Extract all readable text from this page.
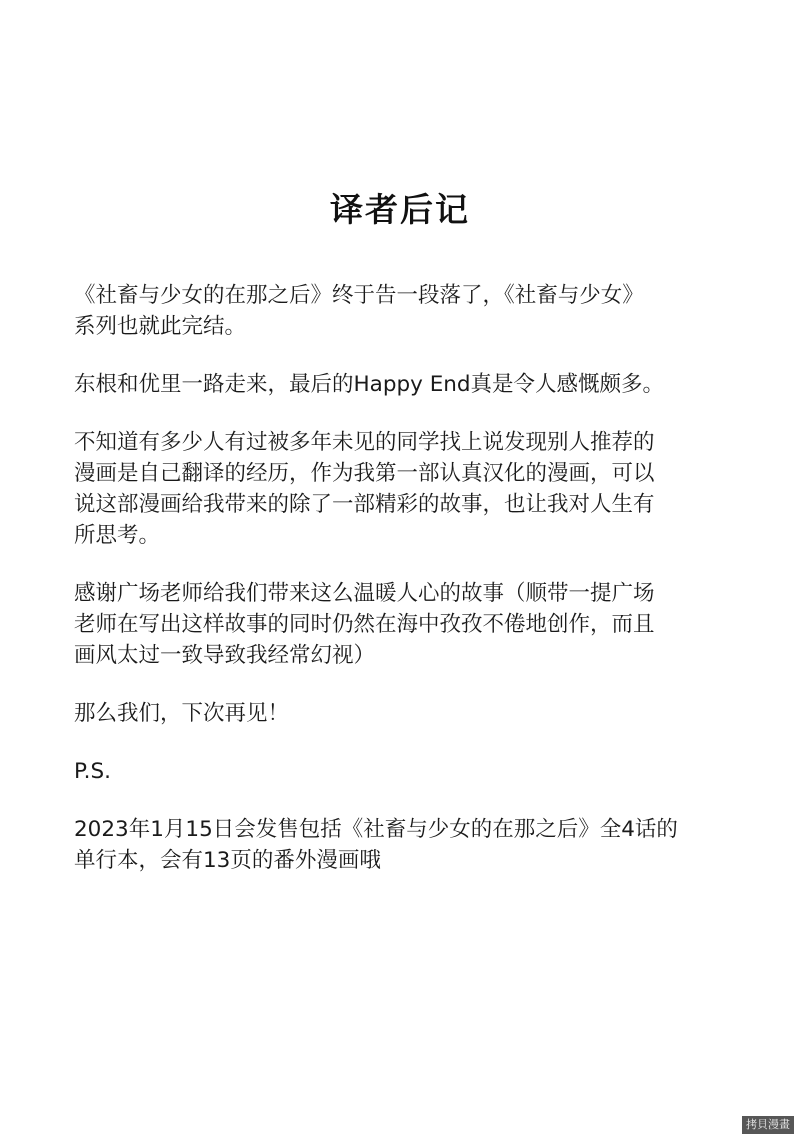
译者后记

《社畜与少女的在那之后》终于告一段落了，《社畜与少女》
系列也就此完结。

东根和优里一路走来，最后的Happy End真是令人感慨颇多。

不知道有多少人有过被多年未见的同学找上说发现别人推荐的
漫画是自己翻译的经历，作为我第一部认真汉化的漫画，可以
说这部漫画给我带来的除了一部精彩的故事，也让我对人生有
所思考。

感谢广场老师给我们带来这么温暖人心的故事（顺带一提广场
老师在写出这样故事的同时仍然在海中孜孜不倦地创作，而且
画风太过一致导致我经常幻视）

那么我们，下次再见！

P.S.

2023年1月15日会发售包括《社畜与少女的在那之后》全4话的
单行本，会有13页的番外漫画哦

拷貝漫畫
